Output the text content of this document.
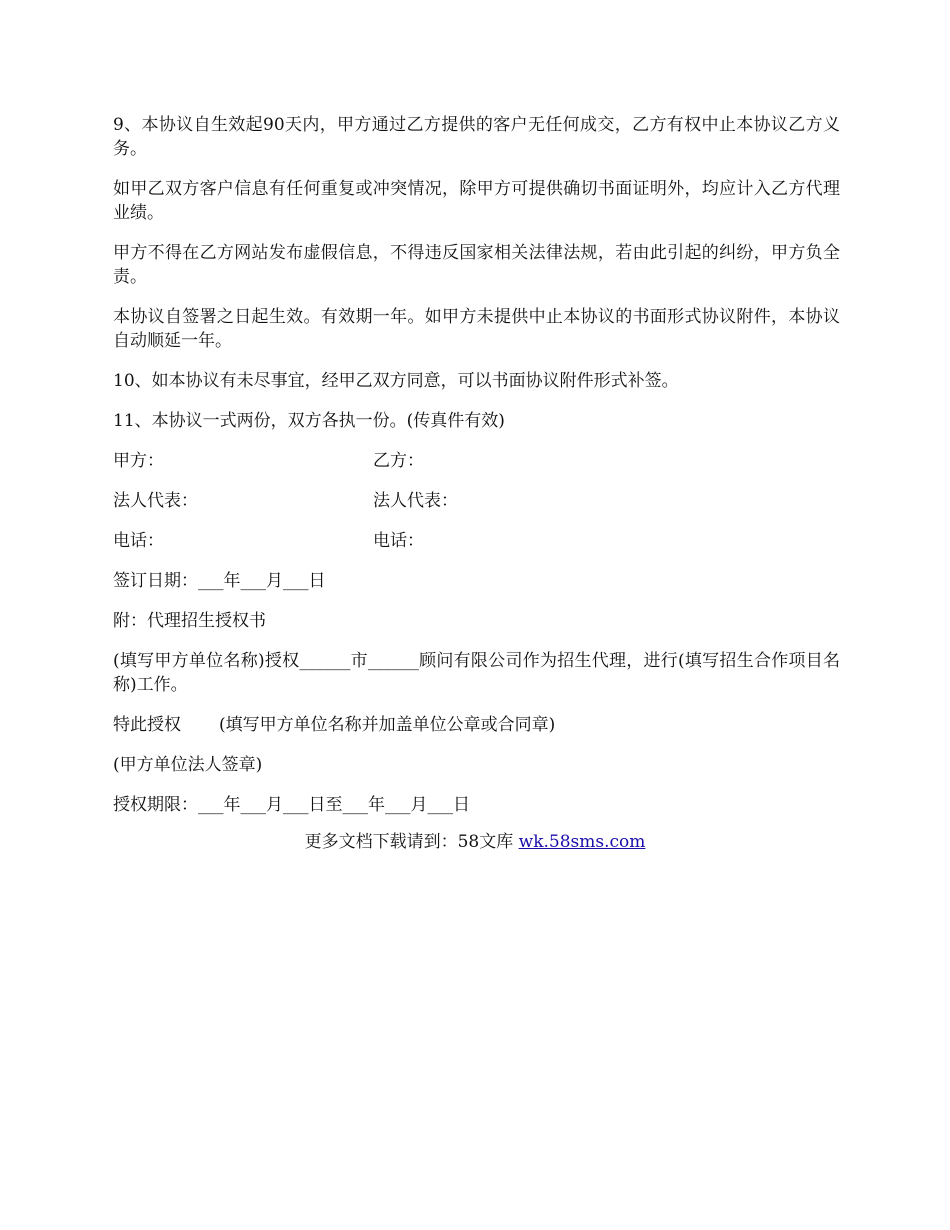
9、本协议自生效起90天内，甲方通过乙方提供的客户无任何成交，乙方有权中止本协议乙方义务。

如甲乙双方客户信息有任何重复或冲突情况，除甲方可提供确切书面证明外，均应计入乙方代理业绩。

甲方不得在乙方网站发布虚假信息，不得违反国家相关法律法规，若由此引起的纠纷，甲方负全责。

本协议自签署之日起生效。有效期一年。如甲方未提供中止本协议的书面形式协议附件，本协议自动顺延一年。

10、如本协议有未尽事宜，经甲乙双方同意，可以书面协议附件形式补签。

11、本协议一式两份，双方各执一份。(传真件有效)

甲方：	乙方：
法人代表：	法人代表：
电话：	电话：

签订日期：___年___月___日

附：代理招生授权书

(填写甲方单位名称)授权______市______顾问有限公司作为招生代理，进行(填写招生合作项目名称)工作。

特此授权 (填写甲方单位名称并加盖单位公章或合同章)

(甲方单位法人签章)

授权期限：___年___月___日至___年___月___日

更多文档下载请到：58文库 wk.58sms.com
